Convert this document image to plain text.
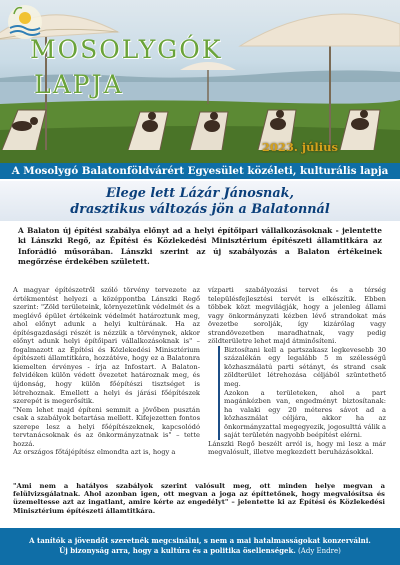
MOSOLYGÓK
LAPJA
2023. július
A Mosolygó Balatonföldvárért Egyesület közéleti, kulturális lapja
Elege lett Lázár Jánosnak,
drasztikus változás jön a Balatonnál
A Balaton új építési szabálya előnyt ad a helyi építőipari vállalkozásoknak - jelentette ki Lánszki Regő, az Építési és Közlekedési Minisztérium építészeti államtitkára az Inforádió műsorában. Lánszki szerint az új szabályozás a Balaton értékeinek megőrzése érdekében született.

A magyar építészetről szóló törvény tervezete az értékmentést helyezi a középpontba Lánszki Regő szerint: "Zöld területeink, környezetünk védelmét és a meglévő épület értékeink védelmét határoztunk meg, ahol előnyt adunk a helyi kultúrának. Ha az építésgazdasági részét is nézzük a törvénynek, akkor előnyt adunk helyi építőipari vállalkozásoknak is" – fogalmazott az Építési és Közlekedési Minisztérium építészeti államtitkára, hozzátéve, hogy ez a Balatonra kiemelten érvényes - írja az Infostart. A Balaton-felvidéken külön védett övezetet határoznak meg, és újdonság, hogy külön főépítészi tisztséget is létrehoznak. Emellett a helyi és járási főépítészek szerepét is megerősítik.

"Nem lehet majd építeni semmit a jövőben pusztán csak a szabályok betartása mellett. Kifejezetten fontos szerepe lesz a helyi főépítészeknek, kapcsolódó tervtanácsoknak és az önkormányzatnak is" – tette hozzá.

Az országos főtájépítész elmondta azt is, hogy a

vízparti szabályozási tervet és a térség településfejlesztési tervét is elkészítik. Ebben többek közt megvilágják, hogy a jelenleg állami vagy önkormányzati kézben lévő strandokat más övezetbe sorolják, így kizárólag vagy strandövezetben maradhatnak, vagy pedig zöldterületre lehet majd átminősíteni.

Biztosítani kell a partszakasz legkevesebb 30 százalékán egy legalább 5 m szélességű közhasználatú parti sétányt, és strand csak zöldterület létrehozása céljából szüntethető meg.

Azokon a területeken, ahol a part magánkézben van, engedményt biztosítanak: ha valaki egy 20 méteres sávot ad a közhasználat céljára, akkor ha az önkormányzattal megegyezik, jogosulttá válik a saját területén nagyobb beépítést elérni.

Lánszki Regő beszélt arról is, hogy mi lesz a már megvalósult, illetve megkezdett beruházásokkal.

"Ami nem a hatályos szabályok szerint valósult meg, ott minden helye megvan a felülvizsgálatnak. Ahol azonban igen, ott megvan a joga az építtetőnek, hogy megvalósítsa és üzemeltesse azt az ingatlant, amire kérte az engedélyt" – jelentette ki az Építési és Közlekedési Minisztérium építészeti államtitkára.
A tanítók a jövendőt szeretnék megcsinálni, s nem a mai hatalmasságokat konzerválni.
Új bizonyság arra, hogy a kultúra és a politika ösellenségek. (Ady Endre)
